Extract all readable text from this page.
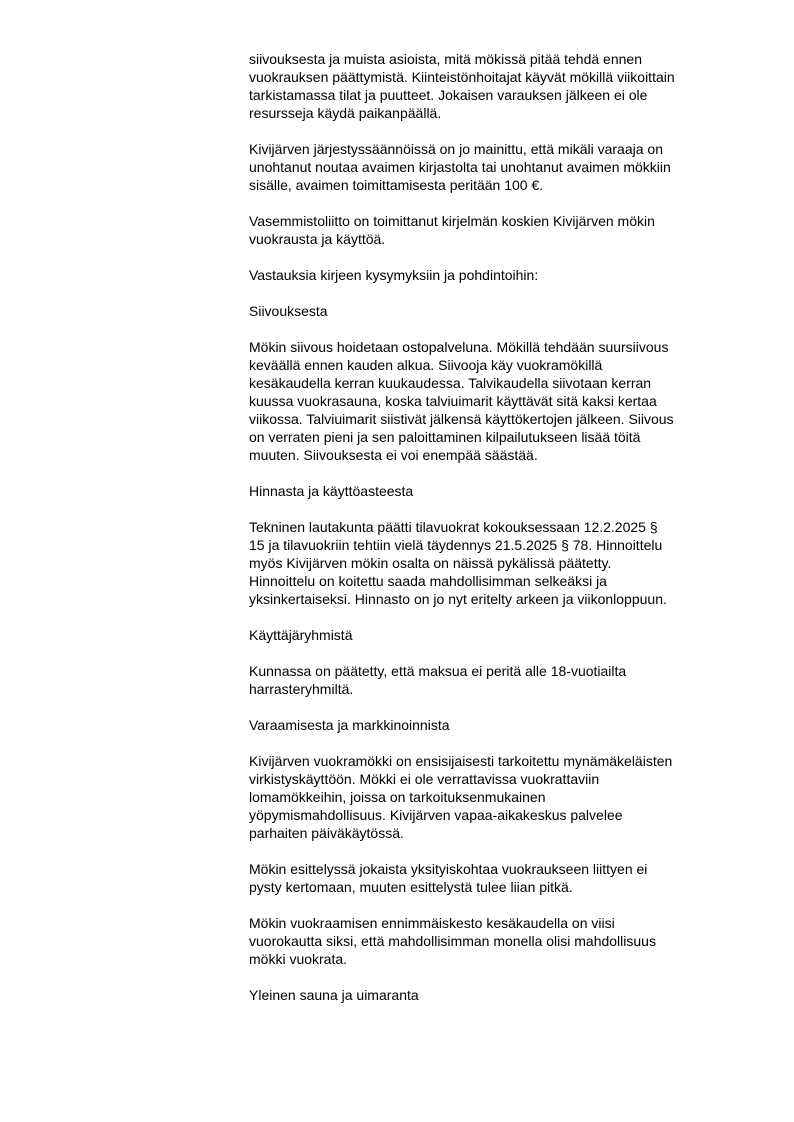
siivouksesta ja muista asioista, mitä mökissä pitää tehdä ennen
vuokrauksen päättymistä. Kiinteistönhoitajat käyvät mökillä viikoittain
tarkistamassa tilat ja puutteet. Jokaisen varauksen jälkeen ei ole
resursseja käydä paikanpäällä.

Kivijärven järjestyssäännöissä on jo mainittu, että mikäli varaaja on
unohtanut noutaa avaimen kirjastolta tai unohtanut avaimen mökkiin
sisälle, avaimen toimittamisesta peritään 100 €.

Vasemmistoliitto on toimittanut kirjelmän koskien Kivijärven mökin
vuokrausta ja käyttöä.

Vastauksia kirjeen kysymyksiin ja pohdintoihin:

Siivouksesta

Mökin siivous hoidetaan ostopalveluna. Mökillä tehdään suursiivous
keväällä ennen kauden alkua. Siivooja käy vuokramökillä
kesäkaudella kerran kuukaudessa. Talvikaudella siivotaan kerran
kuussa vuokrasauna, koska talviuimarit käyttävät sitä kaksi kertaa
viikossa. Talviuimarit siistivät jälkensä käyttökertojen jälkeen. Siivous
on verraten pieni ja sen paloittaminen kilpailutukseen lisää töitä
muuten. Siivouksesta ei voi enempää säästää.

Hinnasta ja käyttöasteesta

Tekninen lautakunta päätti tilavuokrat kokouksessaan 12.2.2025 §
15 ja tilavuokriin tehtiin vielä täydennys 21.5.2025 § 78. Hinnoittelu
myös Kivijärven mökin osalta on näissä pykälissä päätetty.
Hinnoittelu on koitettu saada mahdollisimman selkeäksi ja
yksinkertaiseksi. Hinnasto on jo nyt eritelty arkeen ja viikonloppuun.

Käyttäjäryhmistä

Kunnassa on päätetty, että maksua ei peritä alle 18-vuotiailta
harrasteryhmiltä.

Varaamisesta ja markkinoinnista

Kivijärven vuokramökki on ensisijaisesti tarkoitettu mynämäkeläisten
virkistyskäyttöön. Mökki ei ole verrattavissa vuokrattaviin
lomamökkeihin, joissa on tarkoituksenmukainen
yöpymismahdollisuus. Kivijärven vapaa-aikakeskus palvelee
parhaiten päiväkäytössä.

Mökin esittelyssä jokaista yksityiskohtaa vuokraukseen liittyen ei
pysty kertomaan, muuten esittelystä tulee liian pitkä.

Mökin vuokraamisen ennimmäiskesto kesäkaudella on viisi
vuorokautta siksi, että mahdollisimman monella olisi mahdollisuus
mökki vuokrata.

Yleinen sauna ja uimaranta
